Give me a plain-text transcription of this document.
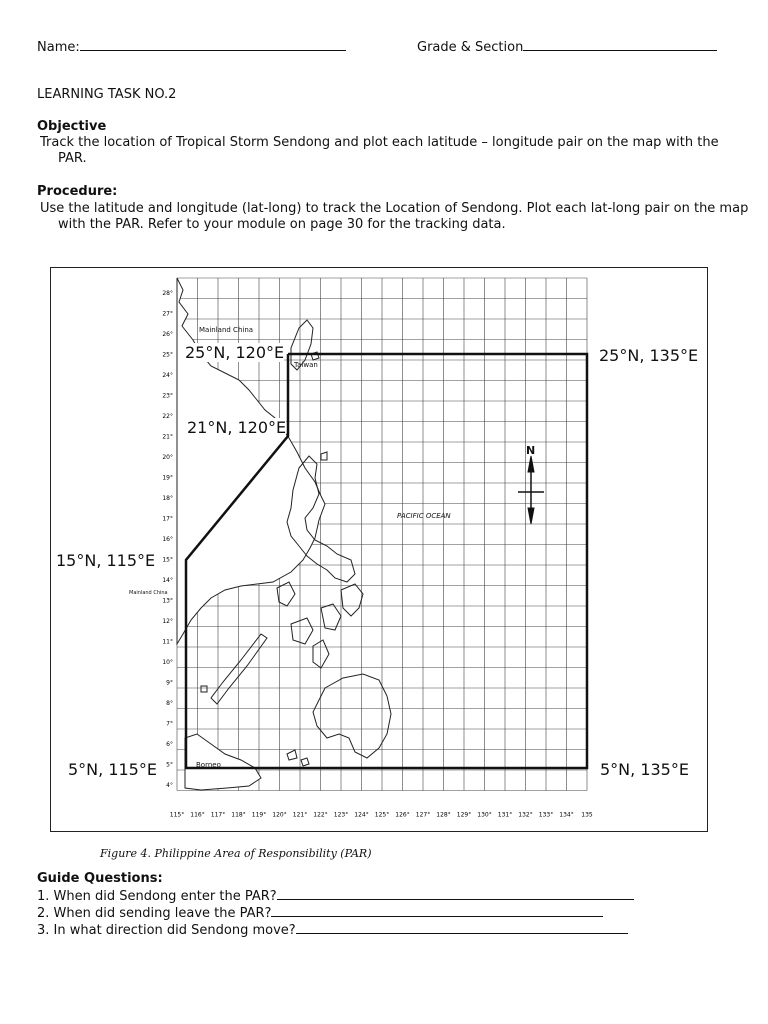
Name:	Grade & Section
LEARNING TASK NO.2
Objective
Track the location of Tropical Storm Sendong and plot each latitude – longitude pair on the map with the
PAR.
Procedure:
Use the latitude and longitude (lat-long) to track the Location of Sendong. Plot each lat-long pair on the map
with the PAR. Refer to your module on page 30 for the tracking data.
28°
27°
26°
25°
24°
23°
22°
21°
20°
19°
18°
17°
16°
15°
14°
13°
12°
11°
10°
9°
8°
7°
6°
5°
4°
115° 116° 117° 118° 119° 120° 121° 122° 123° 124° 125° 126° 127° 128° 129° 130° 131° 132° 133° 134° 135
Mainland China
Mainland China
Taiwan
PACIFIC OCEAN
Borneo
N
25°N, 120°E	25°N, 135°E
21°N, 120°E
15°N, 115°E
5°N, 115°E	5°N, 135°E
Figure 4. Philippine Area of Responsibility (PAR)
Guide Questions:
1. When did Sendong enter the PAR?
2. When did sending leave the PAR?
3. In what direction did Sendong move?
